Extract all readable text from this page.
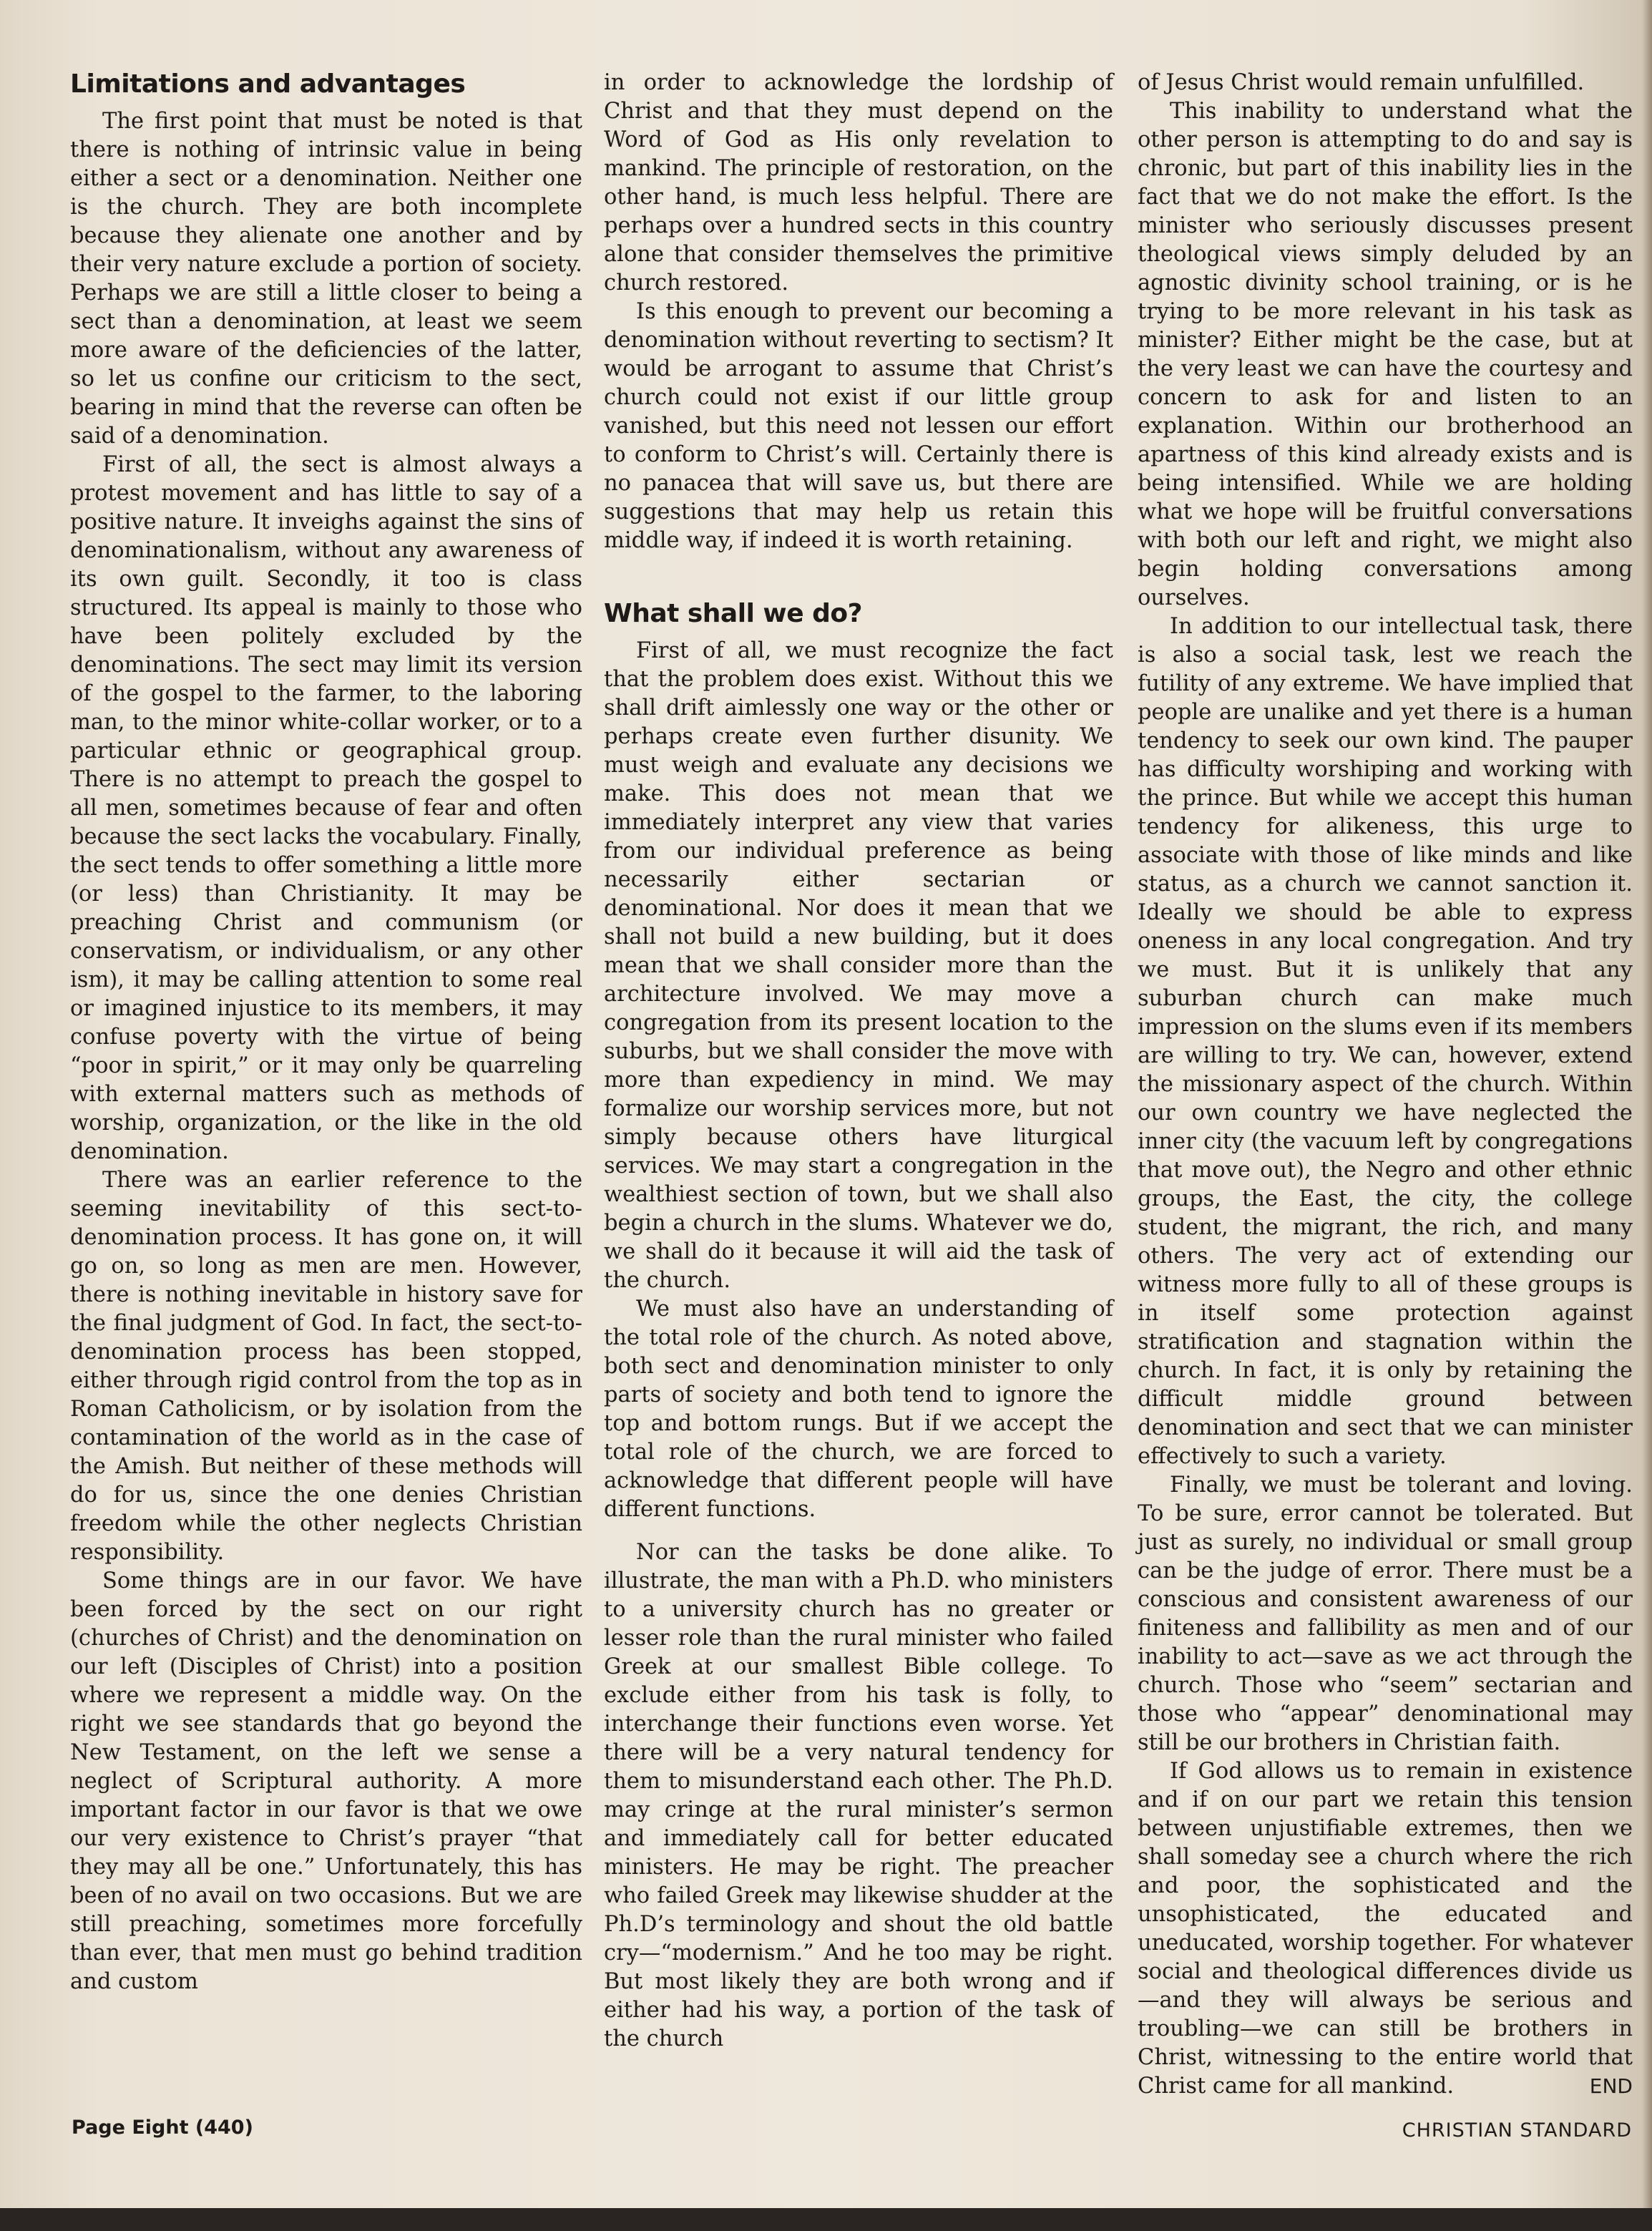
Limitations and advantages

The first point that must be noted is that there is nothing of intrinsic value in being either a sect or a denomination. Neither one is the church. They are both incomplete because they alienate one another and by their very nature exclude a portion of society. Perhaps we are still a little closer to being a sect than a denomination, at least we seem more aware of the deficiencies of the latter, so let us confine our criticism to the sect, bearing in mind that the reverse can often be said of a denomination.

First of all, the sect is almost always a protest movement and has little to say of a positive nature. It inveighs against the sins of denominationalism, without any awareness of its own guilt. Secondly, it too is class structured. Its appeal is mainly to those who have been politely excluded by the denominations. The sect may limit its version of the gospel to the farmer, to the laboring man, to the minor white-collar worker, or to a particular ethnic or geographical group. There is no attempt to preach the gospel to all men, sometimes because of fear and often because the sect lacks the vocabulary. Finally, the sect tends to offer something a little more (or less) than Christianity. It may be preaching Christ and communism (or conservatism, or individualism, or any other ism), it may be calling attention to some real or imagined injustice to its members, it may confuse poverty with the virtue of being “poor in spirit,” or it may only be quarreling with external matters such as methods of worship, organization, or the like in the old denomination.

There was an earlier reference to the seeming inevitability of this sect-to-denomination process. It has gone on, it will go on, so long as men are men. However, there is nothing inevitable in history save for the final judgment of God. In fact, the sect-to-denomination process has been stopped, either through rigid control from the top as in Roman Catholicism, or by isolation from the contamination of the world as in the case of the Amish. But neither of these methods will do for us, since the one denies Christian freedom while the other neglects Christian responsibility.

Some things are in our favor. We have been forced by the sect on our right (churches of Christ) and the denomination on our left (Disciples of Christ) into a position where we represent a middle way. On the right we see standards that go beyond the New Testament, on the left we sense a neglect of Scriptural authority. A more important factor in our favor is that we owe our very existence to Christ’s prayer “that they may all be one.” Unfortunately, this has been of no avail on two occasions. But we are still preaching, sometimes more forcefully than ever, that men must go behind tradition and custom

in order to acknowledge the lordship of Christ and that they must depend on the Word of God as His only revelation to mankind. The principle of restoration, on the other hand, is much less helpful. There are perhaps over a hundred sects in this country alone that consider themselves the primitive church restored.

Is this enough to prevent our becoming a denomination without reverting to sectism? It would be arrogant to assume that Christ’s church could not exist if our little group vanished, but this need not lessen our effort to conform to Christ’s will. Certainly there is no panacea that will save us, but there are suggestions that may help us retain this middle way, if indeed it is worth retaining.

What shall we do?

First of all, we must recognize the fact that the problem does exist. Without this we shall drift aimlessly one way or the other or perhaps create even further disunity. We must weigh and evaluate any decisions we make. This does not mean that we immediately interpret any view that varies from our individual preference as being necessarily either sectarian or denominational. Nor does it mean that we shall not build a new building, but it does mean that we shall consider more than the architecture involved. We may move a congregation from its present location to the suburbs, but we shall consider the move with more than expediency in mind. We may formalize our worship services more, but not simply because others have liturgical services. We may start a congregation in the wealthiest section of town, but we shall also begin a church in the slums. Whatever we do, we shall do it because it will aid the task of the church.

We must also have an understanding of the total role of the church. As noted above, both sect and denomination minister to only parts of society and both tend to ignore the top and bottom rungs. But if we accept the total role of the church, we are forced to acknowledge that different people will have different functions.

Nor can the tasks be done alike. To illustrate, the man with a Ph.D. who ministers to a university church has no greater or lesser role than the rural minister who failed Greek at our smallest Bible college. To exclude either from his task is folly, to interchange their functions even worse. Yet there will be a very natural tendency for them to misunderstand each other. The Ph.D. may cringe at the rural minister’s sermon and immediately call for better educated ministers. He may be right. The preacher who failed Greek may likewise shudder at the Ph.D’s terminology and shout the old battle cry—“modernism.” And he too may be right. But most likely they are both wrong and if either had his way, a portion of the task of the church

of Jesus Christ would remain unfulfilled.

This inability to understand what the other person is attempting to do and say is chronic, but part of this inability lies in the fact that we do not make the effort. Is the minister who seriously discusses present theological views simply deluded by an agnostic divinity school training, or is he trying to be more relevant in his task as minister? Either might be the case, but at the very least we can have the courtesy and concern to ask for and listen to an explanation. Within our brotherhood an apartness of this kind already exists and is being intensified. While we are holding what we hope will be fruitful conversations with both our left and right, we might also begin holding conversations among ourselves.

In addition to our intellectual task, there is also a social task, lest we reach the futility of any extreme. We have implied that people are unalike and yet there is a human tendency to seek our own kind. The pauper has difficulty worshiping and working with the prince. But while we accept this human tendency for alikeness, this urge to associate with those of like minds and like status, as a church we cannot sanction it. Ideally we should be able to express oneness in any local congregation. And try we must. But it is unlikely that any suburban church can make much impression on the slums even if its members are willing to try. We can, however, extend the missionary aspect of the church. Within our own country we have neglected the inner city (the vacuum left by congregations that move out), the Negro and other ethnic groups, the East, the city, the college student, the migrant, the rich, and many others. The very act of extending our witness more fully to all of these groups is in itself some protection against stratification and stagnation within the church. In fact, it is only by retaining the difficult middle ground between denomination and sect that we can minister effectively to such a variety.

Finally, we must be tolerant and loving. To be sure, error cannot be tolerated. But just as surely, no individual or small group can be the judge of error. There must be a conscious and consistent awareness of our finiteness and fallibility as men and of our inability to act—save as we act through the church. Those who “seem” sectarian and those who “appear” denominational may still be our brothers in Christian faith.

If God allows us to remain in existence and if on our part we retain this tension between unjustifiable extremes, then we shall someday see a church where the rich and poor, the sophisticated and the unsophisticated, the educated and uneducated, worship together. For whatever social and theological differences divide us—and they will always be serious and troubling—we can still be brothers in Christ, witnessing to the entire world that Christ came for all mankind.	END

Page Eight (440)	CHRISTIAN STANDARD
